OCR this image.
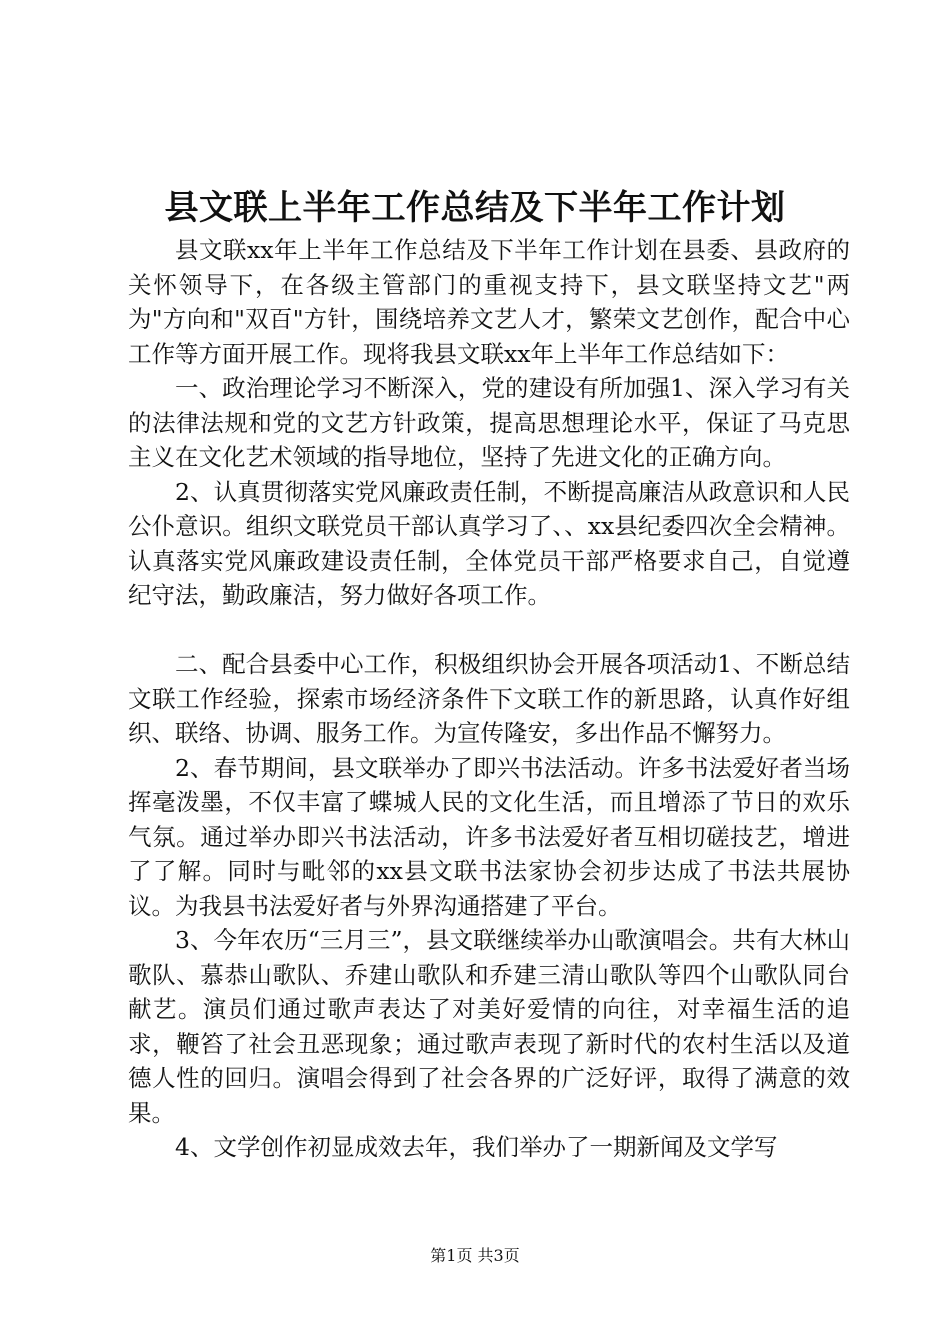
县文联上半年工作总结及下半年工作计划

县文联xx年上半年工作总结及下半年工作计划在县委、县政府的关怀领导下，在各级主管部门的重视支持下，县文联坚持文艺"两为"方向和"双百"方针，围绕培养文艺人才，繁荣文艺创作，配合中心工作等方面开展工作。现将我县文联xx年上半年工作总结如下：

一、政治理论学习不断深入，党的建设有所加强1、深入学习有关的法律法规和党的文艺方针政策，提高思想理论水平，保证了马克思主义在文化艺术领域的指导地位，坚持了先进文化的正确方向。

2、认真贯彻落实党风廉政责任制，不断提高廉洁从政意识和人民公仆意识。组织文联党员干部认真学习了、、xx县纪委四次全会精神。认真落实党风廉政建设责任制，全体党员干部严格要求自己，自觉遵纪守法，勤政廉洁，努力做好各项工作。

二、配合县委中心工作，积极组织协会开展各项活动1、不断总结文联工作经验，探索市场经济条件下文联工作的新思路，认真作好组织、联络、协调、服务工作。为宣传隆安，多出作品不懈努力。

2、春节期间，县文联举办了即兴书法活动。许多书法爱好者当场挥毫泼墨，不仅丰富了蝶城人民的文化生活，而且增添了节日的欢乐气氛。通过举办即兴书法活动，许多书法爱好者互相切磋技艺，增进了了解。同时与毗邻的xx县文联书法家协会初步达成了书法共展协议。为我县书法爱好者与外界沟通搭建了平台。

3、今年农历“三月三”，县文联继续举办山歌演唱会。共有大林山歌队、慕恭山歌队、乔建山歌队和乔建三清山歌队等四个山歌队同台献艺。演员们通过歌声表达了对美好爱情的向往，对幸福生活的追求，鞭笞了社会丑恶现象；通过歌声表现了新时代的农村生活以及道德人性的回归。演唱会得到了社会各界的广泛好评，取得了满意的效果。

4、文学创作初显成效去年，我们举办了一期新闻及文学写

第1页 共3页
